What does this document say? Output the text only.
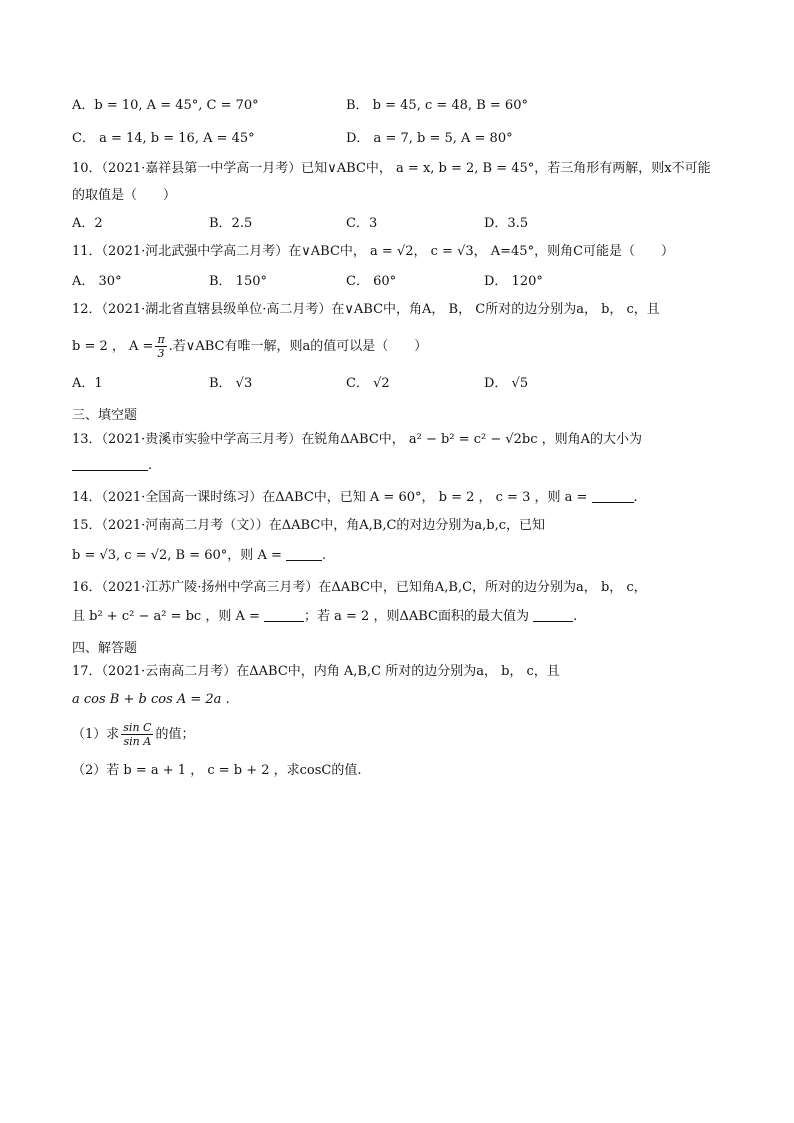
A．b = 10, A = 45°, C = 70°	B． b = 45, c = 48, B = 60°
C． a = 14, b = 16, A = 45°	D． a = 7, b = 5, A = 80°
10．（2021·嘉祥县第一中学高一月考）已知∨ABC中， a = x, b = 2, B = 45°，若三角形有两解，则x不可能
的取值是（　　）
A．2	B．2.5	C．3	D．3.5
11．（2021·河北武强中学高二月考）在∨ABC中， a = √2， c = √3， A=45°，则角C可能是（　　）
A． 30°	B． 150°	C． 60°	D． 120°
12．（2021·湖北省直辖县级单位·高二月考）在∨ABC中，角A， B， C所对的边分别为a， b， c，且
b = 2 ， $A = \frac{\pi}{3}$ .若∨ABC有唯一解，则a的值可以是（　　）
A．1	B． √3	C． √2	D． √5
三、填空题
13．（2021·贵溪市实验中学高三月考）在锐角ΔABC中， a² − b² = c² − √2bc ，则角A的大小为
.
14．（2021·全国高一课时练习）在ΔABC中，已知 A = 60°， b = 2 ， c = 3 ，则 a =	.
15．（2021·河南高二月考（文））在ΔABC中，角A,B,C的对边分别为a,b,c，已知
b = √3, c = √2, B = 60°，则 A =	.
16．（2021·江苏广陵·扬州中学高三月考）在ΔABC中，已知角A,B,C，所对的边分别为a， b， c，
且 b² + c² − a² = bc ，则 A =	；若 a = 2 ，则ΔABC面积的最大值为	.
四、解答题
17．（2021·云南高二月考）在ΔABC中，内角 A,B,C 所对的边分别为a， b， c，且
a cos B + b cos A = 2a .
（1）求 $\frac{\text{sin C}}{\text{sin A}}$ 的值；
（2）若 b = a + 1 ， c = b + 2 ，求cosC的值.
